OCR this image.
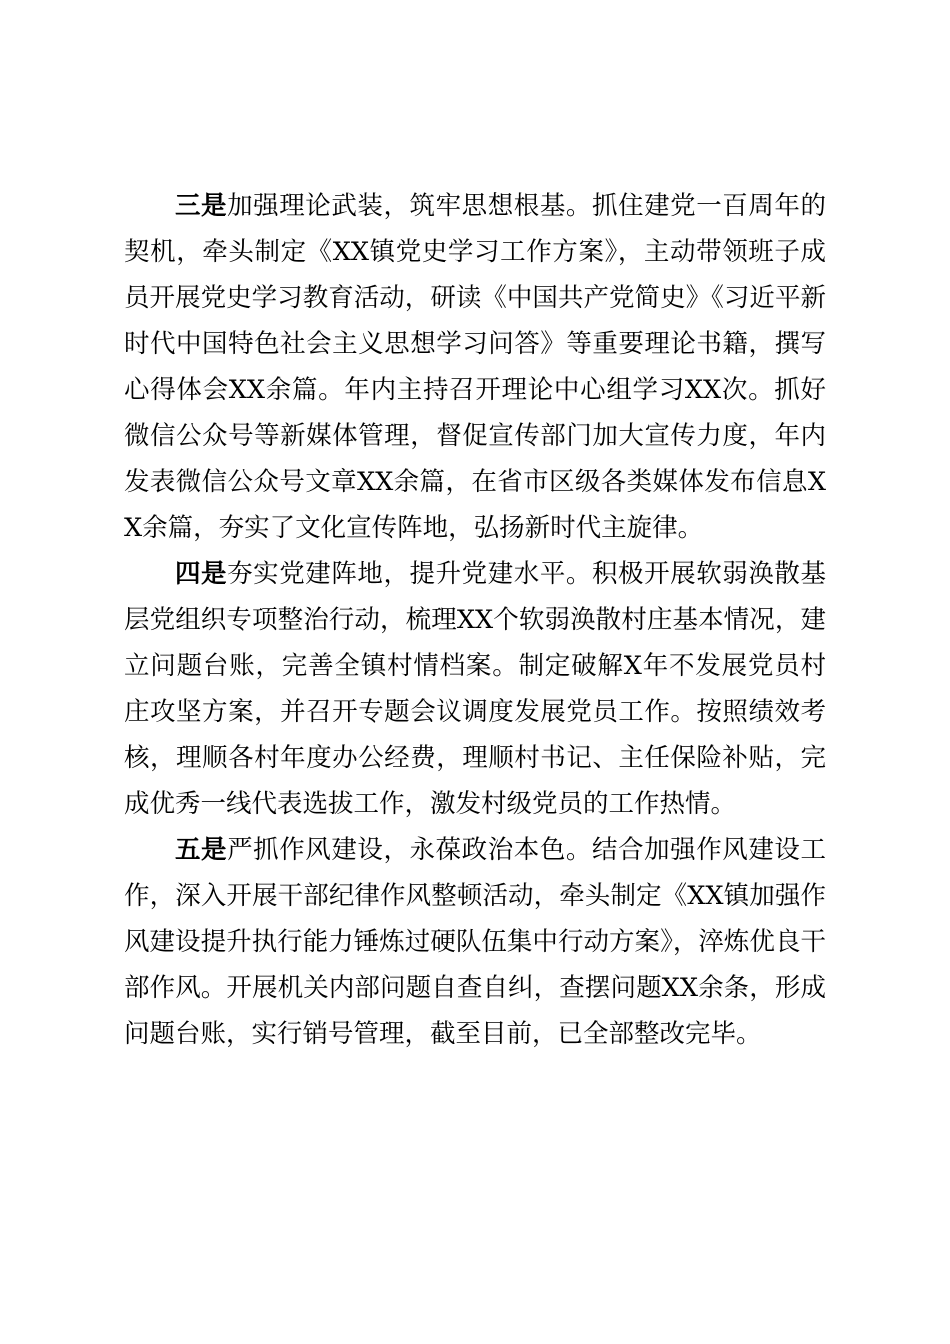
三是加强理论武装，筑牢思想根基。抓住建党一百周年的契机，牵头制定《XX镇党史学习工作方案》，主动带领班子成员开展党史学习教育活动，研读《中国共产党简史》《习近平新时代中国特色社会主义思想学习问答》等重要理论书籍，撰写心得体会XX余篇。年内主持召开理论中心组学习XX次。抓好微信公众号等新媒体管理，督促宣传部门加大宣传力度，年内发表微信公众号文章XX余篇，在省市区级各类媒体发布信息XX余篇，夯实了文化宣传阵地，弘扬新时代主旋律。

四是夯实党建阵地，提升党建水平。积极开展软弱涣散基层党组织专项整治行动，梳理XX个软弱涣散村庄基本情况，建立问题台账，完善全镇村情档案。制定破解X年不发展党员村庄攻坚方案，并召开专题会议调度发展党员工作。按照绩效考核，理顺各村年度办公经费，理顺村书记、主任保险补贴，完成优秀一线代表选拔工作，激发村级党员的工作热情。

五是严抓作风建设，永葆政治本色。结合加强作风建设工作，深入开展干部纪律作风整顿活动，牵头制定《XX镇加强作风建设提升执行能力锤炼过硬队伍集中行动方案》，淬炼优良干部作风。开展机关内部问题自查自纠，查摆问题XX余条，形成问题台账，实行销号管理，截至目前，已全部整改完毕。
